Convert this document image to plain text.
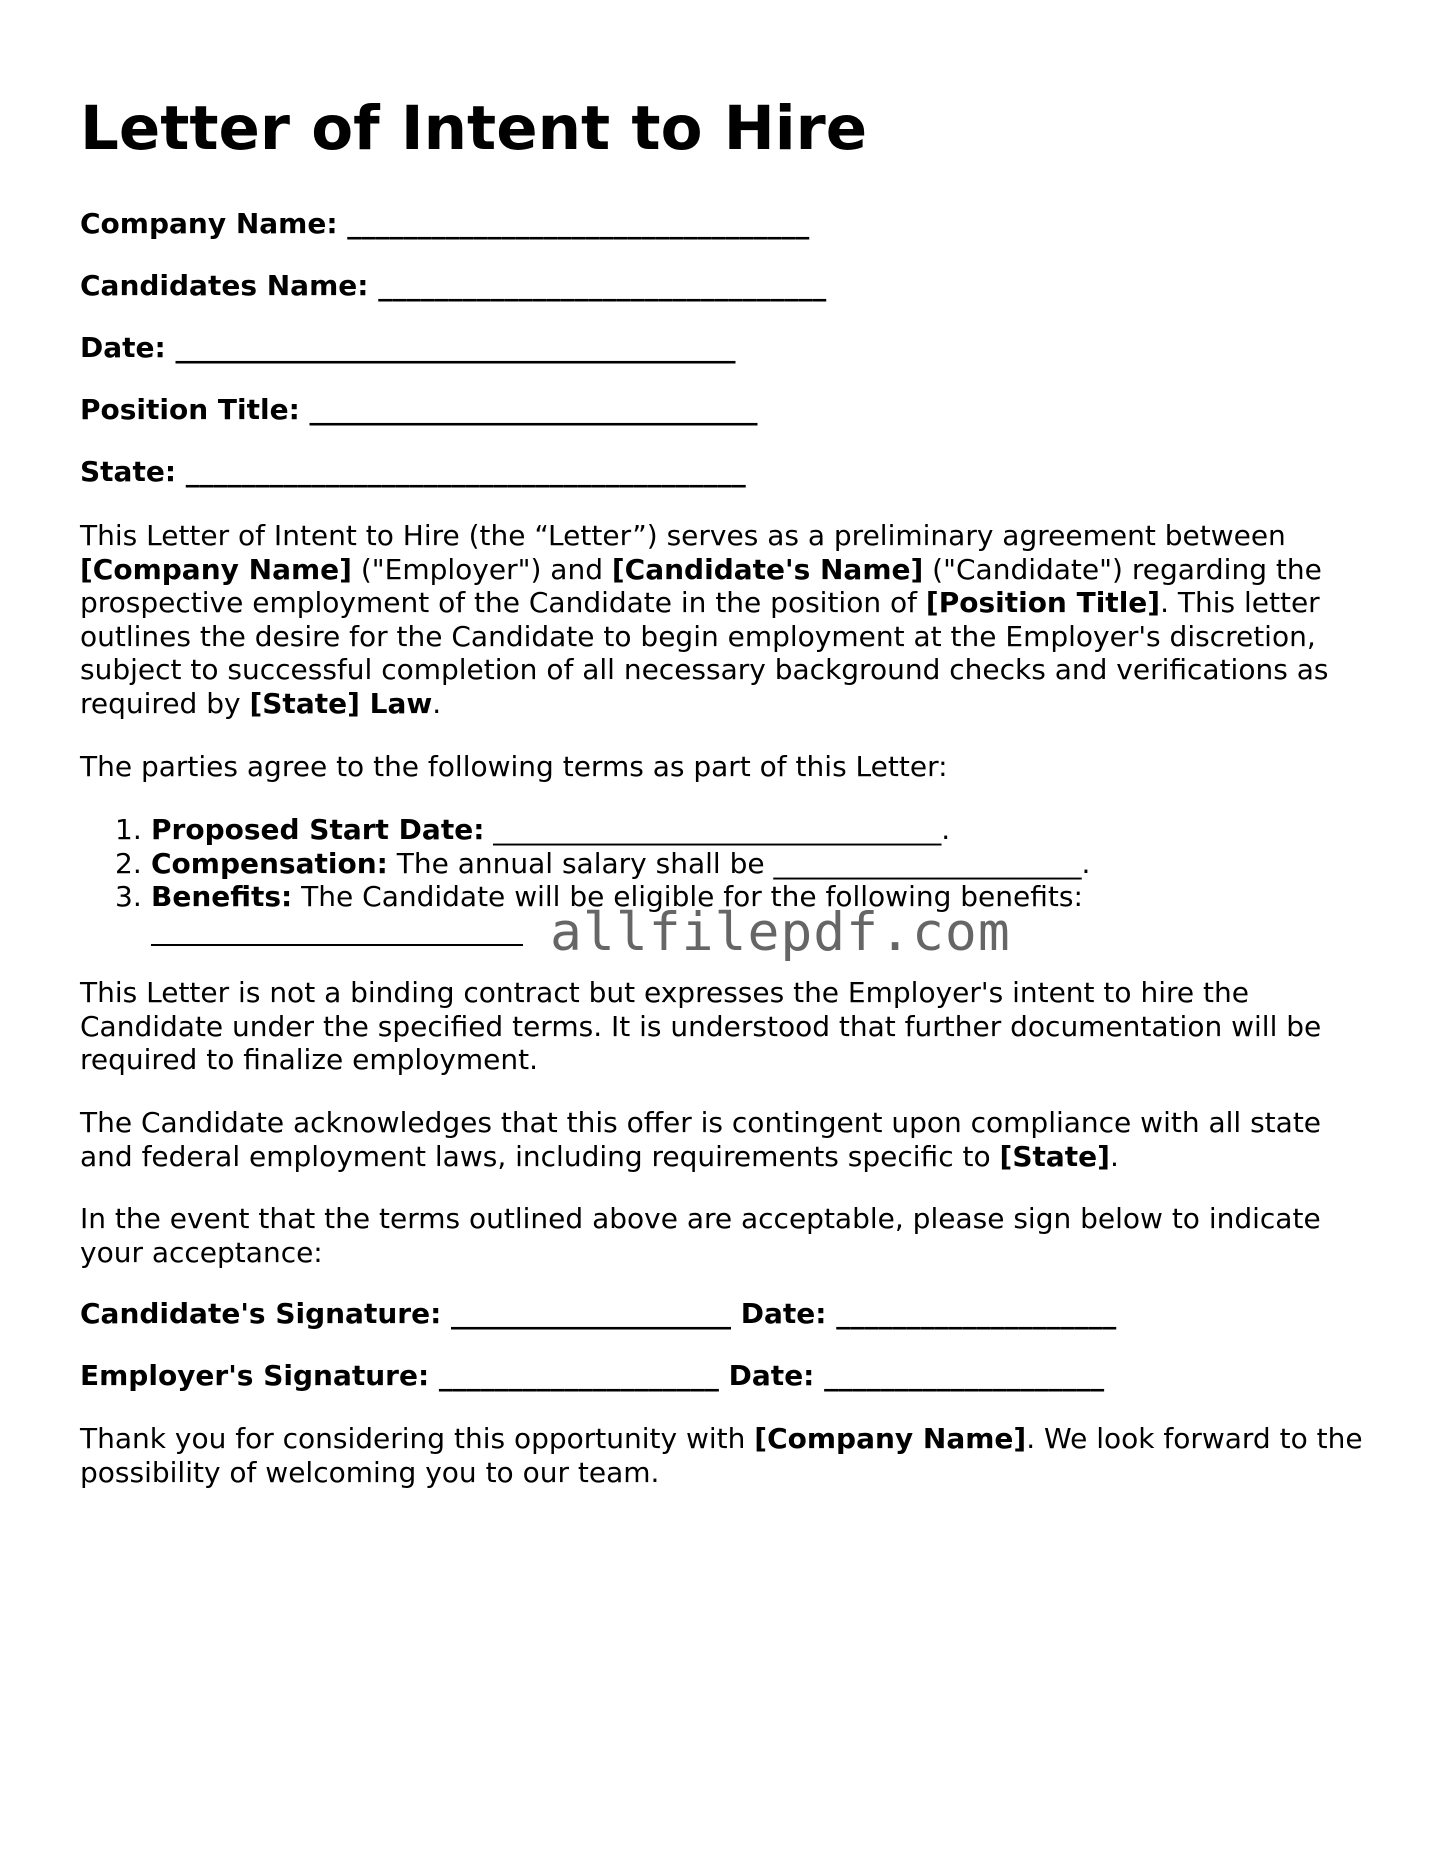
Letter of Intent to Hire
Company Name: _________________________________
Candidates Name: ________________________________
Date: ________________________________________
Position Title: ________________________________
State: ________________________________________

This Letter of Intent to Hire (the “Letter”) serves as a preliminary agreement between [Company Name] ("Employer") and [Candidate's Name] ("Candidate") regarding the prospective employment of the Candidate in the position of [Position Title]. This letter outlines the desire for the Candidate to begin employment at the Employer's discretion, subject to successful completion of all necessary background checks and verifications as required by [State] Law.

The parties agree to the following terms as part of this Letter:

1. Proposed Start Date: ________________________________.
2. Compensation: The annual salary shall be ______________________.
3. Benefits: The Candidate will be eligible for the following benefits:
allfilepdf.com

This Letter is not a binding contract but expresses the Employer's intent to hire the Candidate under the specified terms. It is understood that further documentation will be required to finalize employment.

The Candidate acknowledges that this offer is contingent upon compliance with all state and federal employment laws, including requirements specific to [State].

In the event that the terms outlined above are acceptable, please sign below to indicate your acceptance:

Candidate's Signature: ____________________ Date: ____________________
Employer's Signature: ____________________ Date: ____________________

Thank you for considering this opportunity with [Company Name]. We look forward to the possibility of welcoming you to our team.
